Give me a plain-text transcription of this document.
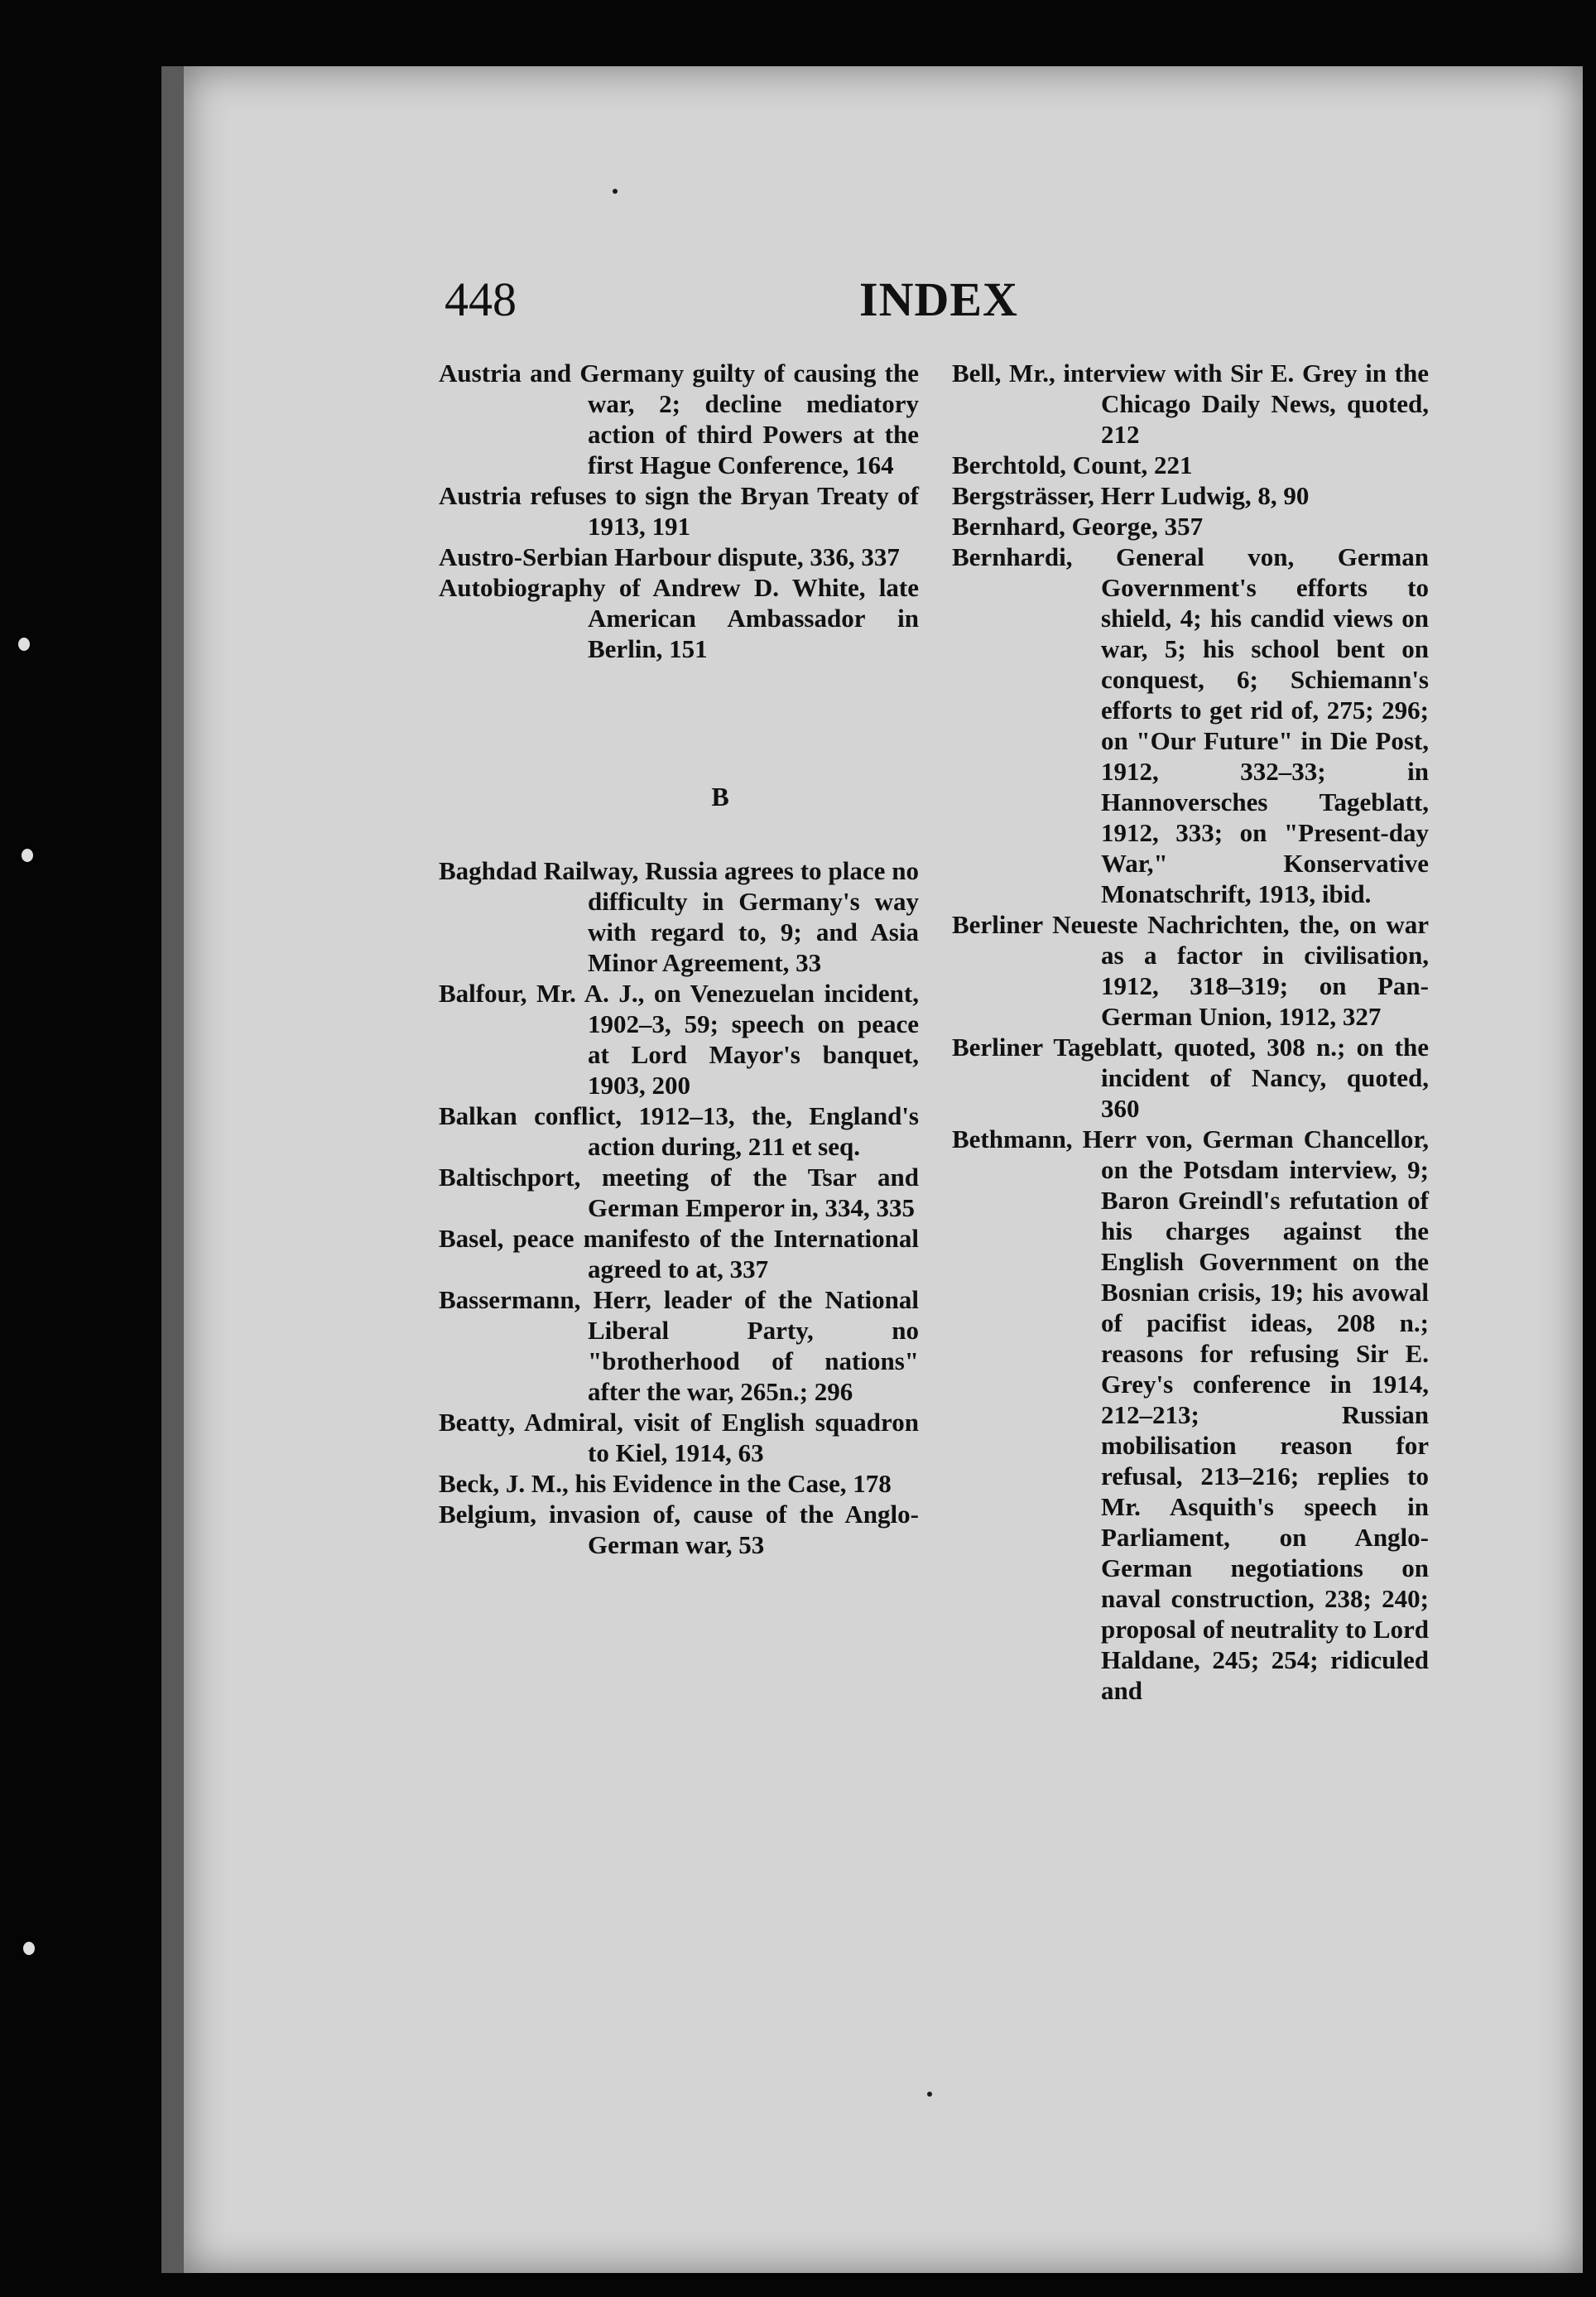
448	INDEX

Austria and Germany guilty of causing the war, 2; decline mediatory action of third Powers at the first Hague Conference, 164

Austria refuses to sign the Bryan Treaty of 1913, 191

Austro-Serbian Harbour dispute, 336, 337

Autobiography of Andrew D. White, late American Ambassador in Berlin, 151

B

Baghdad Railway, Russia agrees to place no difficulty in Germany's way with regard to, 9; and Asia Minor Agreement, 33

Balfour, Mr. A. J., on Venezuelan incident, 1902–3, 59; speech on peace at Lord Mayor's banquet, 1903, 200

Balkan conflict, 1912–13, the, England's action during, 211 et seq.

Baltischport, meeting of the Tsar and German Emperor in, 334, 335

Basel, peace manifesto of the International agreed to at, 337

Bassermann, Herr, leader of the National Liberal Party, no "brotherhood of nations" after the war, 265n.; 296

Beatty, Admiral, visit of English squadron to Kiel, 1914, 63

Beck, J. M., his Evidence in the Case, 178

Belgium, invasion of, cause of the Anglo-German war, 53

Bell, Mr., interview with Sir E. Grey in the Chicago Daily News, quoted, 212

Berchtold, Count, 221

Bergsträsser, Herr Ludwig, 8, 90

Bernhard, George, 357

Bernhardi, General von, German Government's efforts to shield, 4; his candid views on war, 5; his school bent on conquest, 6; Schiemann's efforts to get rid of, 275; 296; on "Our Future" in Die Post, 1912, 332–33; in Hannoversches Tageblatt, 1912, 333; on "Present-day War," Konservative Monatschrift, 1913, ibid.

Berliner Neueste Nachrichten, the, on war as a factor in civilisation, 1912, 318–319; on Pan-German Union, 1912, 327

Berliner Tageblatt, quoted, 308 n.; on the incident of Nancy, quoted, 360

Bethmann, Herr von, German Chancellor, on the Potsdam interview, 9; Baron Greindl's refutation of his charges against the English Government on the Bosnian crisis, 19; his avowal of pacifist ideas, 208 n.; reasons for refusing Sir E. Grey's conference in 1914, 212–213; Russian mobilisation reason for refusal, 213–216; replies to Mr. Asquith's speech in Parliament, on Anglo-German negotiations on naval construction, 238; 240; proposal of neutrality to Lord Haldane, 245; 254; ridiculed and
